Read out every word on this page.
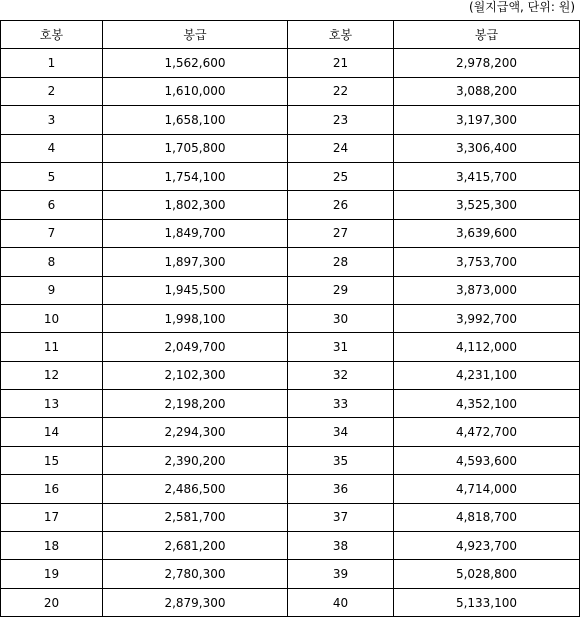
(월지급액, 단위: 원)
호봉	봉급	호봉	봉급
1	1,562,600	21	2,978,200
2	1,610,000	22	3,088,200
3	1,658,100	23	3,197,300
4	1,705,800	24	3,306,400
5	1,754,100	25	3,415,700
6	1,802,300	26	3,525,300
7	1,849,700	27	3,639,600
8	1,897,300	28	3,753,700
9	1,945,500	29	3,873,000
10	1,998,100	30	3,992,700
11	2,049,700	31	4,112,000
12	2,102,300	32	4,231,100
13	2,198,200	33	4,352,100
14	2,294,300	34	4,472,700
15	2,390,200	35	4,593,600
16	2,486,500	36	4,714,000
17	2,581,700	37	4,818,700
18	2,681,200	38	4,923,700
19	2,780,300	39	5,028,800
20	2,879,300	40	5,133,100
